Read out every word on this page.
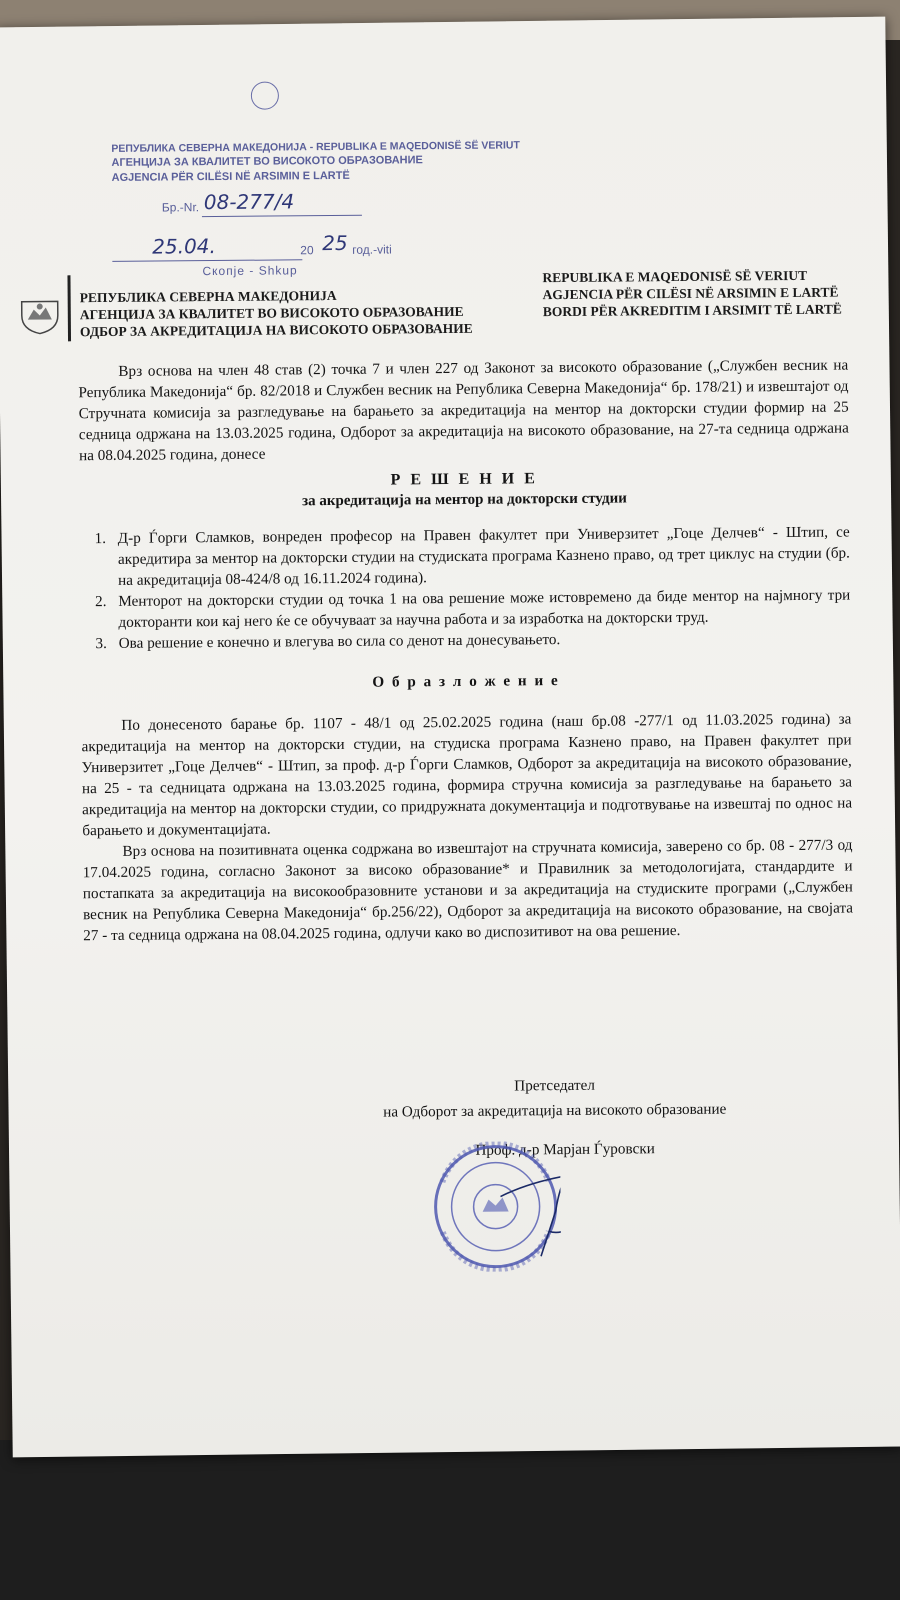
РЕПУБЛИКА СЕВЕРНА МАКЕДОНИЈА - REPUBLIKA E MAQEDONISË SË VERIUT
АГЕНЦИЈА ЗА КВАЛИТЕТ ВО ВИСОКОТО ОБРАЗОВАНИЕ
AGJENCIA PËR CILËSI NË ARSIMIN E LARTË
Бр.-Nr. 08-277/4
25.04.	20 25 год.-viti
Скопје - Shkup
РЕПУБЛИКА СЕВЕРНА МАКЕДОНИЈА
АГЕНЦИЈА ЗА КВАЛИТЕТ ВО ВИСОКОТО ОБРАЗОВАНИЕ
ОДБОР ЗА АКРЕДИТАЦИЈА НА ВИСОКОТО ОБРАЗОВАНИЕ
REPUBLIKA E MAQEDONISË SË VERIUT
AGJENCIA PËR CILËSI NË ARSIMIN E LARTË
BORDI PËR AKREDITIM I ARSIMIT TË LARTË

Врз основа на член 48 став (2) точка 7 и член 227 од Законот за високото образование („Службен весник на Република Македонија“ бр. 82/2018 и Службен весник на Република Северна Македонија“ бр. 178/21) и извештајот од Стручната комисија за разгледување на барањето за акредитација на ментор на докторски студии формир на 25 седница одржана на 13.03.2025 година, Одборот за акредитација на високото образование, на 27-та седница одржана на 08.04.2025 година, донесе

Р Е Ш Е Н И Е
за акредитација на ментор на докторски студии
1. Д-р Ѓорги Сламков, вонреден професор на Правен факултет при Универзитет „Гоце Делчев“ - Штип, се акредитира за ментор на докторски студии на студиската програма Казнено право, од трет циклус на студии (бр. на акредитација 08-424/8 од 16.11.2024 година).
2. Менторот на докторски студии од точка 1 на ова решение може истовремено да биде ментор на најмногу три докторанти кои кај него ќе се обучуваат за научна работа и за изработка на докторски труд.
3. Ова решение е конечно и влегува во сила со денот на донесувањето.
О б р а з л о ж е н и е

По донесеното барање бр. 1107 - 48/1 од 25.02.2025 година (наш бр.08 -277/1 од 11.03.2025 година) за акредитација на ментор на докторски студии, на студиска програма Казнено право, на Правен факултет при Универзитет „Гоце Делчев“ - Штип, за проф. д-р Ѓорги Сламков, Одборот за акредитација на високото образование, на 25 - та седницата одржана на 13.03.2025 година, формира стручна комисија за разгледување на барањето за акредитација на ментор на докторски студии, со придружната документација и подготвување на извештај по однос на барањето и документацијата.

Врз основа на позитивната оценка содржана во извештајот на стручната комисија, заверено со бр. 08 - 277/3 од 17.04.2025 година, согласно Законот за високо образование* и Правилник за методологијата, стандардите и постапката за акредитација на високообразовните установи и за акредитација на студиските програми („Службен весник на Република Северна Македонија“ бр.256/22), Одборот за акредитација на високото образование, на својата 27 - та седница одржана на 08.04.2025 година, одлучи како во диспозитивот на ова решение.

Претседател
на Одборот за акредитација на високото образование
Проф. д-р Марјан Ѓуровски
